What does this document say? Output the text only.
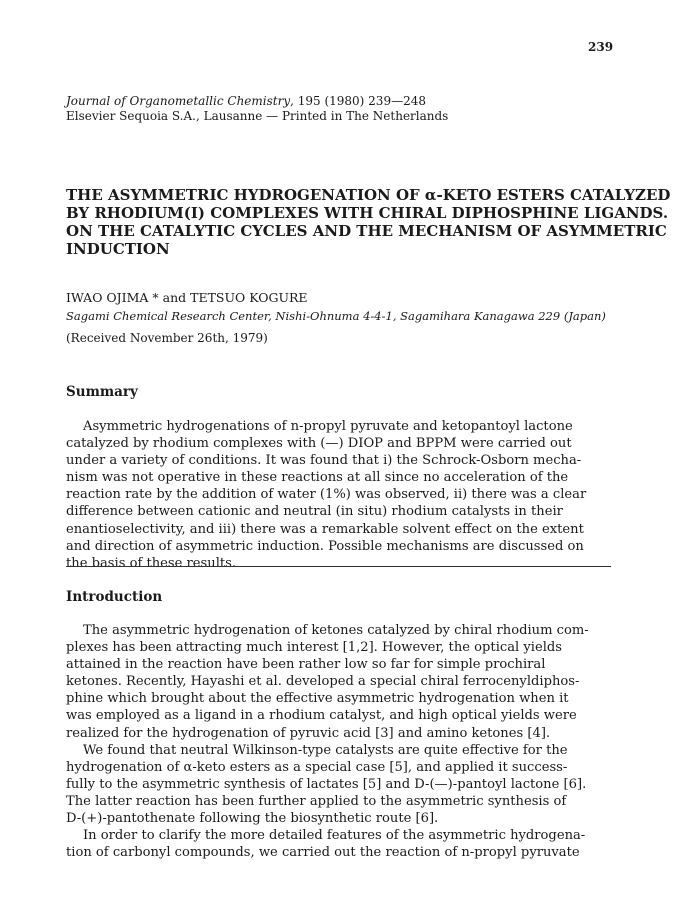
239
Journal of Organometallic Chemistry, 195 (1980) 239—248
Elsevier Sequoia S.A., Lausanne — Printed in The Netherlands
THE ASYMMETRIC HYDROGENATION OF α-KETO ESTERS CATALYZED
BY RHODIUM(I) COMPLEXES WITH CHIRAL DIPHOSPHINE LIGANDS.
ON THE CATALYTIC CYCLES AND THE MECHANISM OF ASYMMETRIC
INDUCTION
IWAO OJIMA * and TETSUO KOGURE
Sagami Chemical Research Center, Nishi-Ohnuma 4-4-1, Sagamihara Kanagawa 229 (Japan)
(Received November 26th, 1979)
Summary
Asymmetric hydrogenations of n-propyl pyruvate and ketopantoyl lactone
catalyzed by rhodium complexes with (—) DIOP and BPPM were carried out
under a variety of conditions. It was found that i) the Schrock-Osborn mecha-
nism was not operative in these reactions at all since no acceleration of the
reaction rate by the addition of water (1%) was observed, ii) there was a clear
difference between cationic and neutral (in situ) rhodium catalysts in their
enantioselectivity, and iii) there was a remarkable solvent effect on the extent
and direction of asymmetric induction. Possible mechanisms are discussed on
the basis of these results.
Introduction
The asymmetric hydrogenation of ketones catalyzed by chiral rhodium com-
plexes has been attracting much interest [1,2]. However, the optical yields
attained in the reaction have been rather low so far for simple prochiral
ketones. Recently, Hayashi et al. developed a special chiral ferrocenyldiphos-
phine which brought about the effective asymmetric hydrogenation when it
was employed as a ligand in a rhodium catalyst, and high optical yields were
realized for the hydrogenation of pyruvic acid [3] and amino ketones [4].
We found that neutral Wilkinson-type catalysts are quite effective for the
hydrogenation of α-keto esters as a special case [5], and applied it success-
fully to the asymmetric synthesis of lactates [5] and D-(—)-pantoyl lactone [6].
The latter reaction has been further applied to the asymmetric synthesis of
D-(+)-pantothenate following the biosynthetic route [6].
In order to clarify the more detailed features of the asymmetric hydrogena-
tion of carbonyl compounds, we carried out the reaction of n-propyl pyruvate
